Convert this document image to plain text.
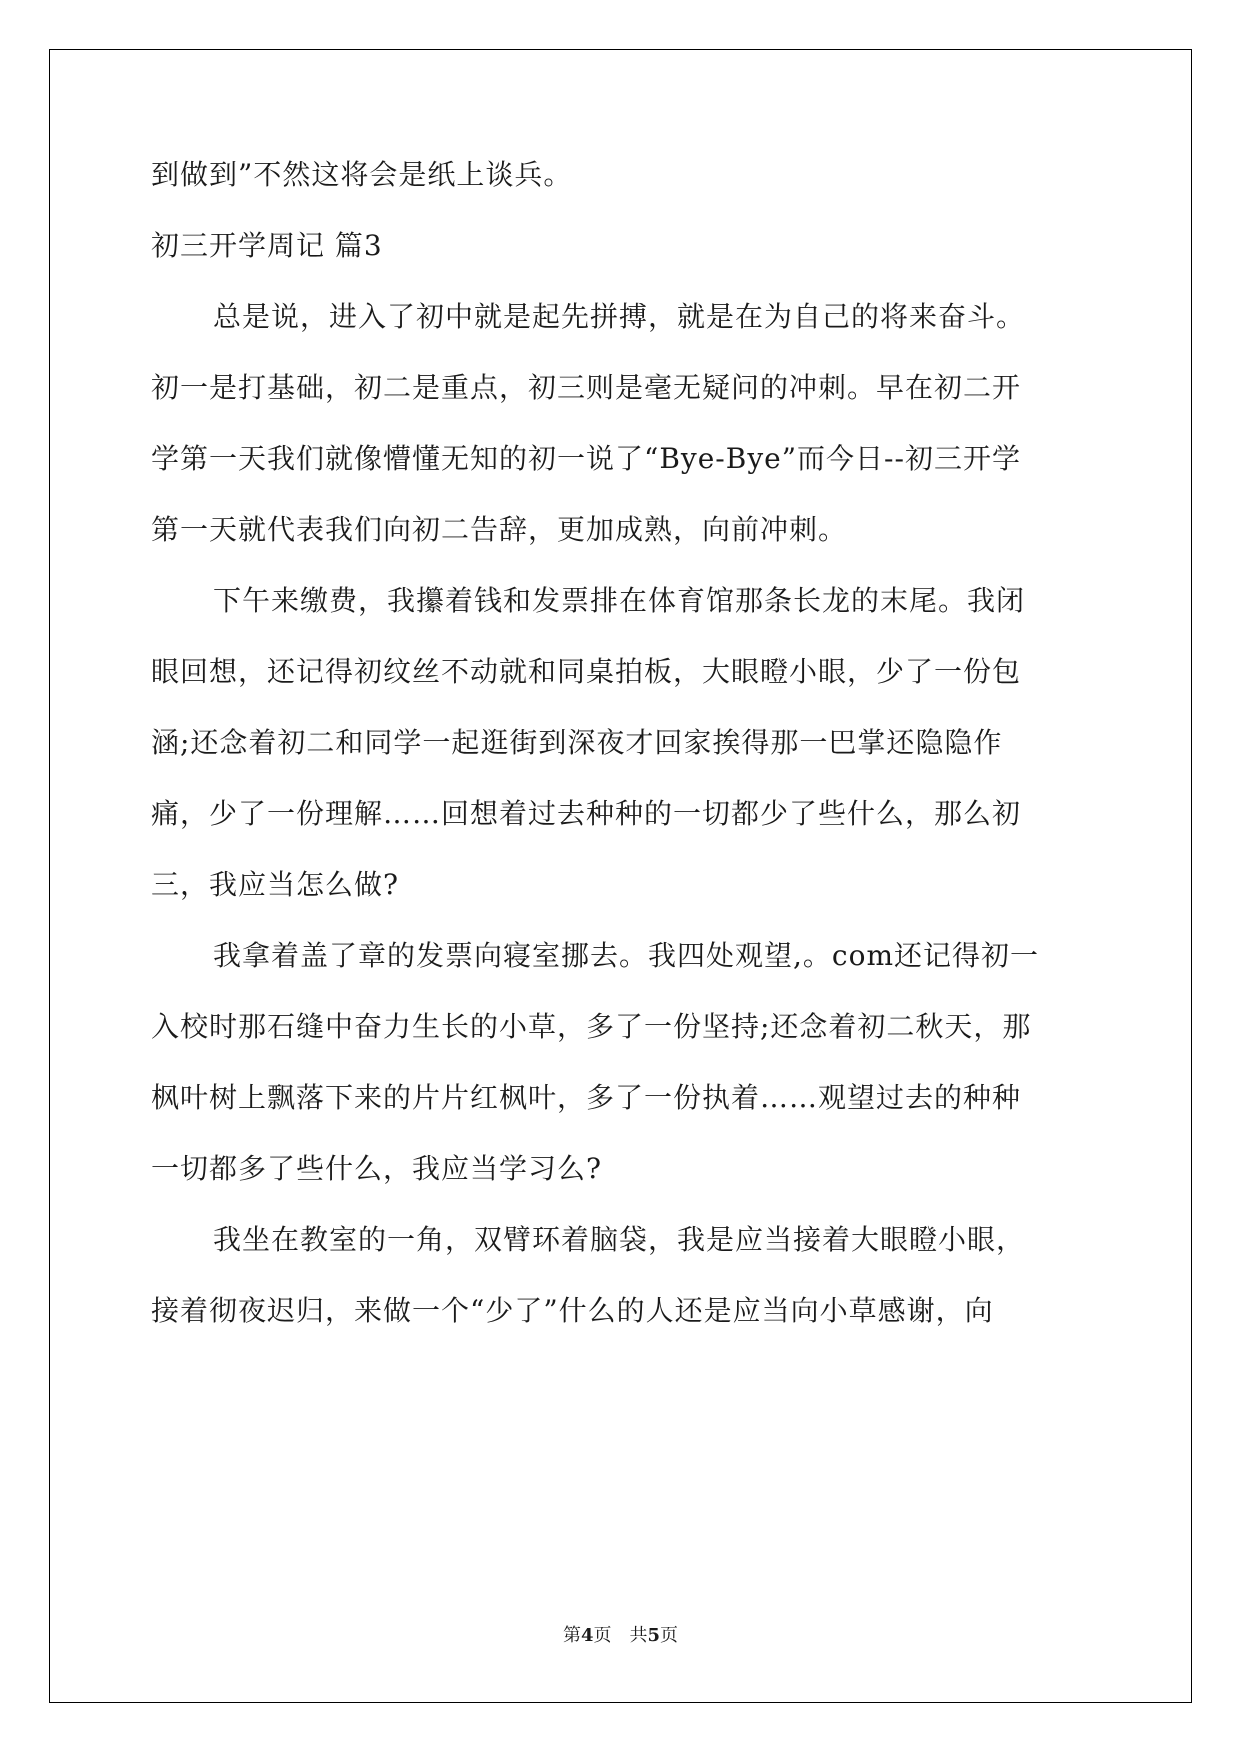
到做到”不然这将会是纸上谈兵。
初三开学周记 篇3
总是说，进入了初中就是起先拼搏，就是在为自己的将来奋斗。
初一是打基础，初二是重点，初三则是毫无疑问的冲刺。早在初二开
学第一天我们就像懵懂无知的初一说了“Bye-Bye”而今日--初三开学
第一天就代表我们向初二告辞，更加成熟，向前冲刺。
下午来缴费，我攥着钱和发票排在体育馆那条长龙的末尾。我闭
眼回想，还记得初纹丝不动就和同桌拍板，大眼瞪小眼，少了一份包
涵;还念着初二和同学一起逛街到深夜才回家挨得那一巴掌还隐隐作
痛，少了一份理解……回想着过去种种的一切都少了些什么，那么初
三，我应当怎么做?
我拿着盖了章的发票向寝室挪去。我四处观望,。com还记得初一
入校时那石缝中奋力生长的小草，多了一份坚持;还念着初二秋天，那
枫叶树上飘落下来的片片红枫叶，多了一份执着……观望过去的种种
一切都多了些什么，我应当学习么?
我坐在教室的一角，双臂环着脑袋，我是应当接着大眼瞪小眼，
接着彻夜迟归，来做一个“少了”什么的人还是应当向小草感谢，向
第4页 共5页
